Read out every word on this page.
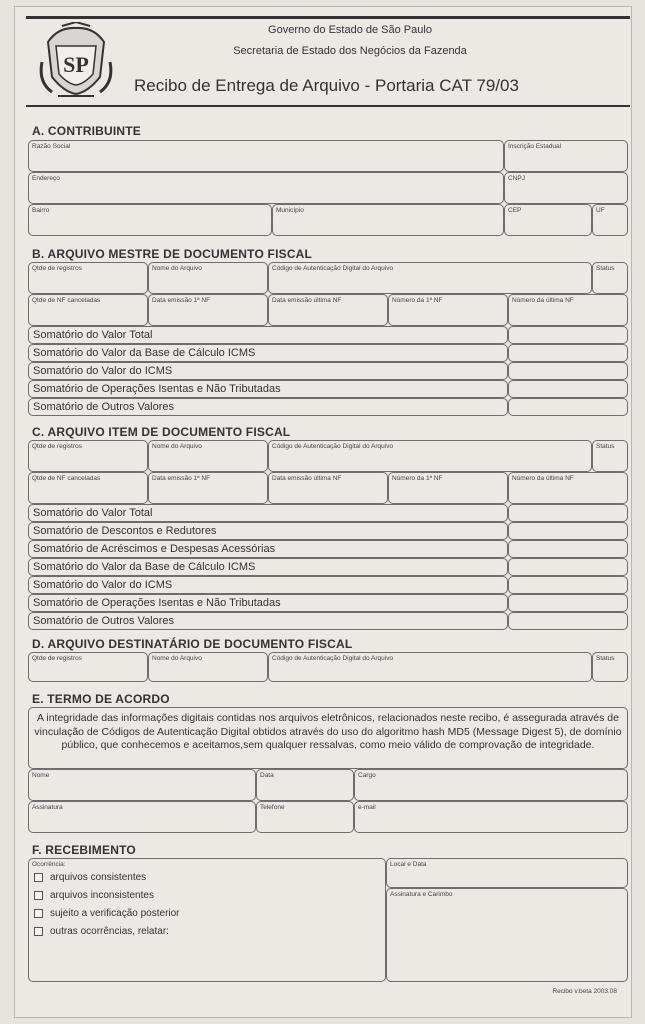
SP
Governo do Estado de São Paulo
Secretaria de Estado dos Negócios da Fazenda
Recibo de Entrega de Arquivo - Portaria CAT 79/03
A. CONTRIBUINTE
Razão Social	Inscrição Estadual
Endereço	CNPJ
Bairro	Município	CEP	UF
B. ARQUIVO MESTRE DE DOCUMENTO FISCAL
Qtde de registros	Nome do Arquivo	Código de Autenticação Digital do Arquivo	Status
Qtde de NF canceladas	Data emissão 1ª NF	Data emissão última NF	Número da 1ª NF	Número da última NF
Somatório do Valor Total
Somatório do Valor da Base de Cálculo ICMS
Somatório do Valor do ICMS
Somatório de Operações Isentas e Não Tributadas
Somatório de Outros Valores
C. ARQUIVO ITEM DE DOCUMENTO FISCAL
Qtde de registros	Nome do Arquivo	Código de Autenticação Digital do Arquivo	Status
Qtde de NF canceladas	Data emissão 1ª NF	Data emissão última NF	Número da 1ª NF	Número da última NF
Somatório do Valor Total
Somatório de Descontos e Redutores
Somatório de Acréscimos e Despesas Acessórias
Somatório do Valor da Base de Cálculo ICMS
Somatório do Valor do ICMS
Somatório de Operações Isentas e Não Tributadas
Somatório de Outros Valores
D. ARQUIVO DESTINATÁRIO DE DOCUMENTO FISCAL
Qtde de registros	Nome do Arquivo	Código de Autenticação Digital do Arquivo	Status
E. TERMO DE ACORDO
A integridade das informações digitais contidas nos arquivos eletrônicos, relacionados neste recibo, é assegurada através de vinculação de Códigos de Autenticação Digital obtidos através do uso do algoritmo hash MD5 (Message Digest 5), de domínio público, que conhecemos e aceitamos,sem qualquer ressalvas, como meio válido de comprovação de integridade.
Nome	Data	Cargo
Assinatura	Telefone	e-mail
F. RECEBIMENTO
Ocorrência:
arquivos consistentes
arquivos inconsistentes
sujeito a verificação posterior
outras ocorrências, relatar:
Local e Data
Assinatura e Carimbo
Recibo v.beta 2003.08
